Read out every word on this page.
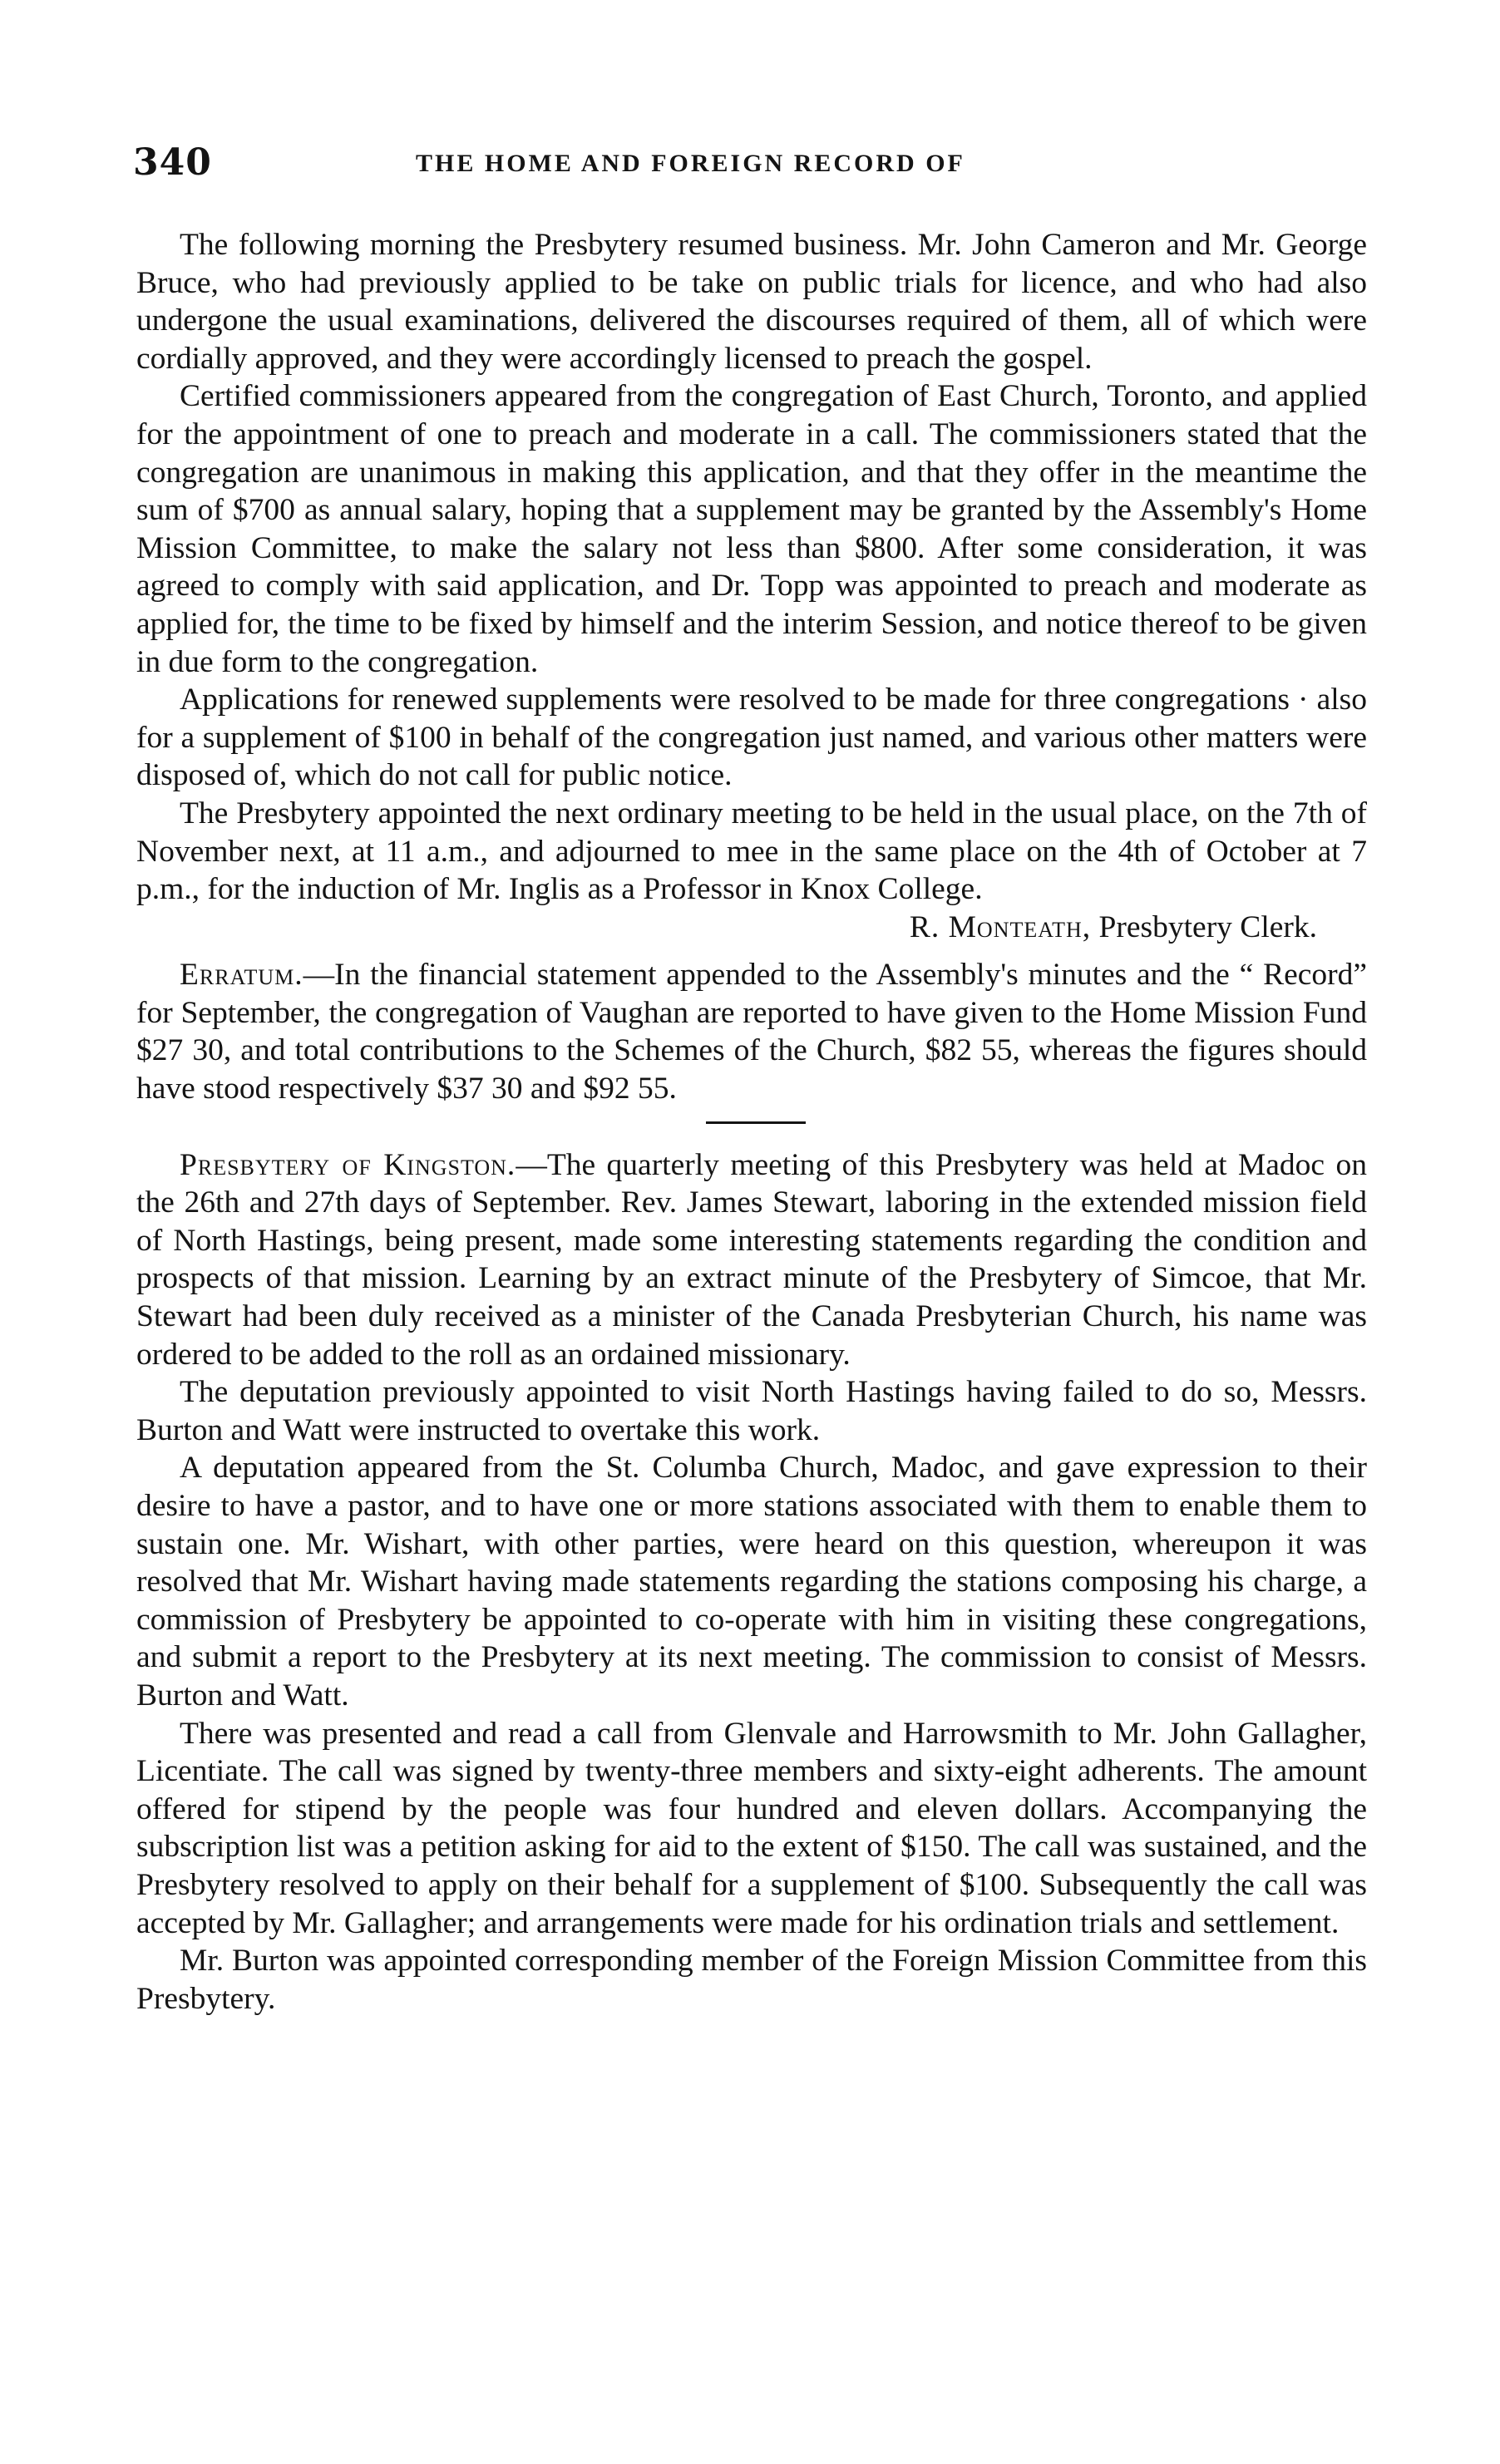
340	THE HOME AND FOREIGN RECORD OF

The following morning the Presbytery resumed business. Mr. John Cameron and Mr. George Bruce, who had previously applied to be take on public trials for licence, and who had also undergone the usual examinations, delivered the discourses required of them, all of which were cordially approved, and they were accordingly licensed to preach the gospel.

Certified commissioners appeared from the congregation of East Church, Toronto, and applied for the appointment of one to preach and moderate in a call. The commissioners stated that the congregation are unanimous in making this application, and that they offer in the meantime the sum of $700 as annual salary, hoping that a supplement may be granted by the Assembly's Home Mission Committee, to make the salary not less than $800. After some consideration, it was agreed to comply with said application, and Dr. Topp was appointed to preach and moderate as applied for, the time to be fixed by himself and the interim Session, and notice thereof to be given in due form to the congregation.

Applications for renewed supplements were resolved to be made for three congregations · also for a supplement of $100 in behalf of the congregation just named, and various other matters were disposed of, which do not call for public notice.

The Presbytery appointed the next ordinary meeting to be held in the usual place, on the 7th of November next, at 11 a.m., and adjourned to mee in the same place on the 4th of October at 7 p.m., for the induction of Mr. Inglis as a Professor in Knox College.

R. Monteath, Presbytery Clerk.

Erratum.—In the financial statement appended to the Assembly's minutes and the “ Record” for September, the congregation of Vaughan are reported to have given to the Home Mission Fund $27 30, and total contributions to the Schemes of the Church, $82 55, whereas the figures should have stood respectively $37 30 and $92 55.

Presbytery of Kingston.—The quarterly meeting of this Presbytery was held at Madoc on the 26th and 27th days of September. Rev. James Stewart, laboring in the extended mission field of North Hastings, being present, made some interesting statements regarding the condition and prospects of that mission. Learning by an extract minute of the Presbytery of Simcoe, that Mr. Stewart had been duly received as a minister of the Canada Presbyterian Church, his name was ordered to be added to the roll as an ordained missionary.

The deputation previously appointed to visit North Hastings having failed to do so, Messrs. Burton and Watt were instructed to overtake this work.

A deputation appeared from the St. Columba Church, Madoc, and gave expression to their desire to have a pastor, and to have one or more stations associated with them to enable them to sustain one. Mr. Wishart, with other parties, were heard on this question, whereupon it was resolved that Mr. Wishart having made statements regarding the stations composing his charge, a commission of Presbytery be appointed to co-operate with him in visiting these congregations, and submit a report to the Presbytery at its next meeting. The commission to consist of Messrs. Burton and Watt.

There was presented and read a call from Glenvale and Harrowsmith to Mr. John Gallagher, Licentiate. The call was signed by twenty-three members and sixty-eight adherents. The amount offered for stipend by the people was four hundred and eleven dollars. Accompanying the subscription list was a petition asking for aid to the extent of $150. The call was sustained, and the Presbytery resolved to apply on their behalf for a supplement of $100. Subsequently the call was accepted by Mr. Gallagher; and arrangements were made for his ordination trials and settlement.

Mr. Burton was appointed corresponding member of the Foreign Mission Committee from this Presbytery.
